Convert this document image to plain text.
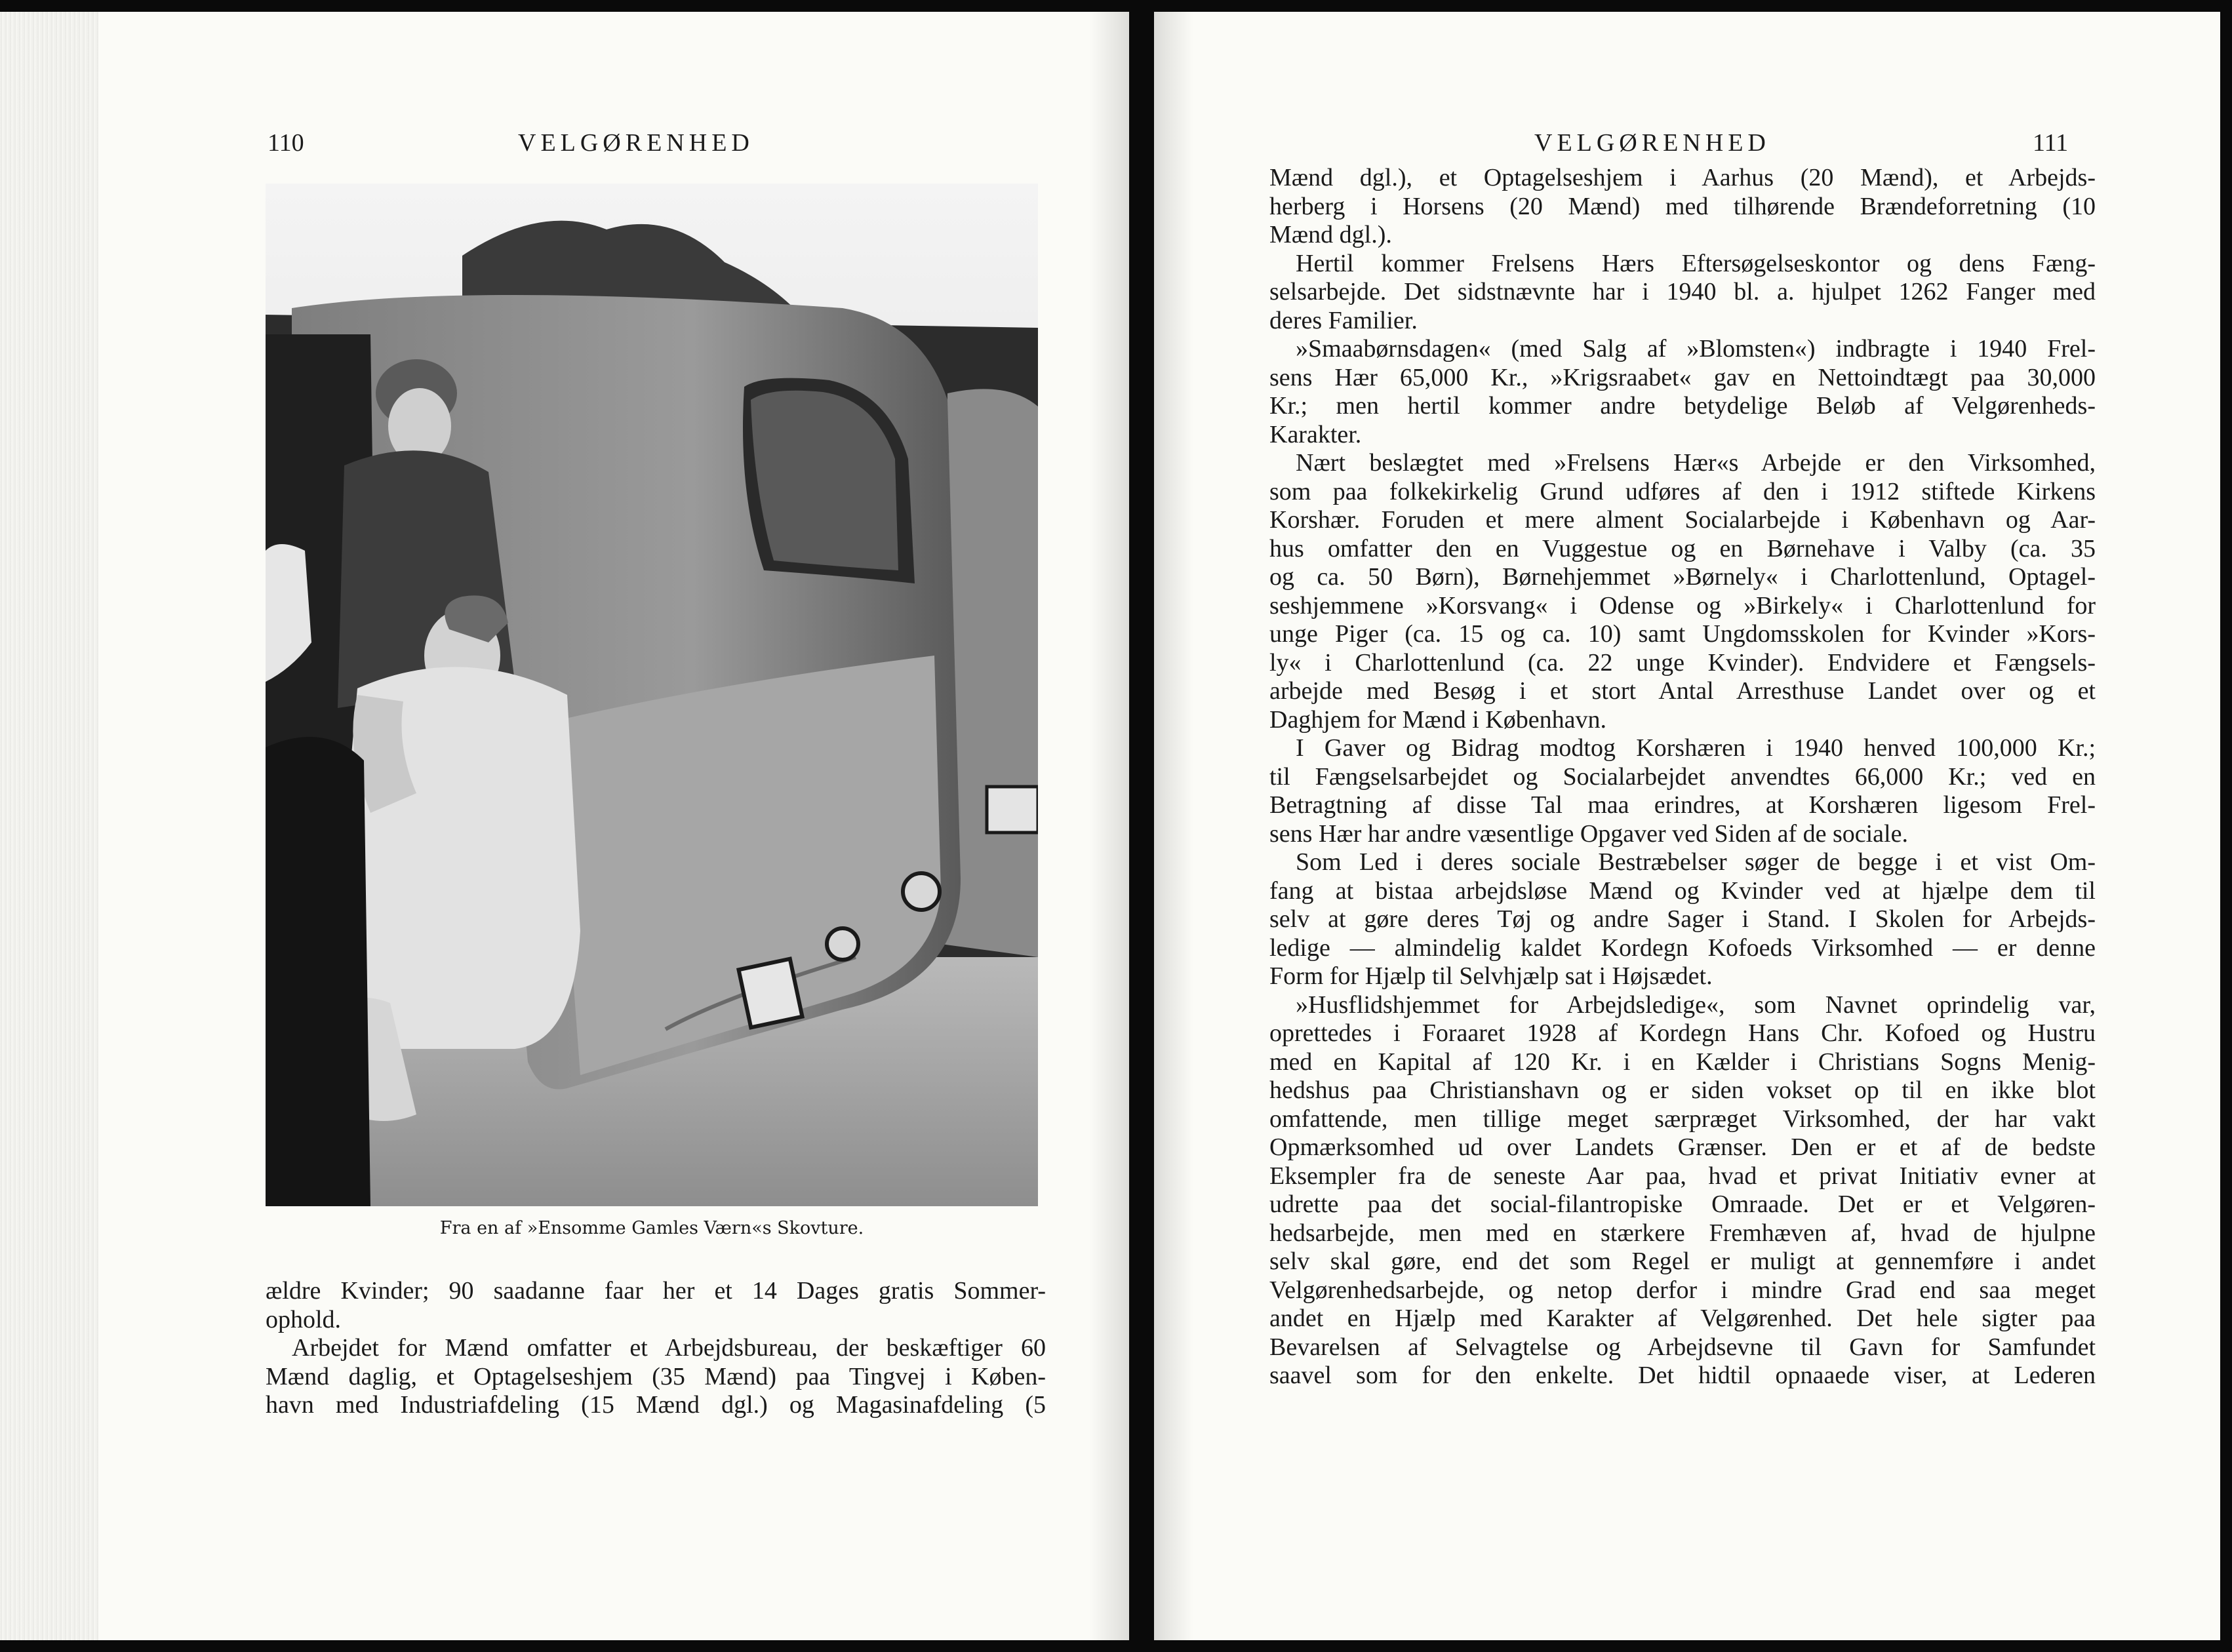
110	VELGØRENHED
Fra en af »Ensomme Gamles Værn«s Skovture.
ældre Kvinder; 90 saadanne faar her et 14 Dages gratis Sommer-
ophold.
Arbejdet for Mænd omfatter et Arbejdsbureau, der beskæftiger 60
Mænd daglig, et Optagelseshjem (35 Mænd) paa Tingvej i Køben-
havn med Industriafdeling (15 Mænd dgl.) og Magasinafdeling (5
VELGØRENHED	111
Mænd dgl.), et Optagelseshjem i Aarhus (20 Mænd), et Arbejds-
herberg i Horsens (20 Mænd) med tilhørende Brændeforretning (10
Mænd dgl.).
Hertil kommer Frelsens Hærs Eftersøgelseskontor og dens Fæng-
selsarbejde. Det sidstnævnte har i 1940 bl. a. hjulpet 1262 Fanger med
deres Familier.
»Smaabørnsdagen« (med Salg af »Blomsten«) indbragte i 1940 Frel-
sens Hær 65,000 Kr., »Krigsraabet« gav en Nettoindtægt paa 30,000
Kr.; men hertil kommer andre betydelige Beløb af Velgørenheds-
Karakter.
Nært beslægtet med »Frelsens Hær«s Arbejde er den Virksomhed,
som paa folkekirkelig Grund udføres af den i 1912 stiftede Kirkens
Korshær. Foruden et mere alment Socialarbejde i København og Aar-
hus omfatter den en Vuggestue og en Børnehave i Valby (ca. 35
og ca. 50 Børn), Børnehjemmet »Børnely« i Charlottenlund, Optagel-
seshjemmene »Korsvang« i Odense og »Birkely« i Charlottenlund for
unge Piger (ca. 15 og ca. 10) samt Ungdomsskolen for Kvinder »Kors-
ly« i Charlottenlund (ca. 22 unge Kvinder). Endvidere et Fængsels-
arbejde med Besøg i et stort Antal Arresthuse Landet over og et
Daghjem for Mænd i København.
I Gaver og Bidrag modtog Korshæren i 1940 henved 100,000 Kr.;
til Fængselsarbejdet og Socialarbejdet anvendtes 66,000 Kr.; ved en
Betragtning af disse Tal maa erindres, at Korshæren ligesom Frel-
sens Hær har andre væsentlige Opgaver ved Siden af de sociale.
Som Led i deres sociale Bestræbelser søger de begge i et vist Om-
fang at bistaa arbejdsløse Mænd og Kvinder ved at hjælpe dem til
selv at gøre deres Tøj og andre Sager i Stand. I Skolen for Arbejds-
ledige — almindelig kaldet Kordegn Kofoeds Virksomhed — er denne
Form for Hjælp til Selvhjælp sat i Højsædet.
»Husflidshjemmet for Arbejdsledige«, som Navnet oprindelig var,
oprettedes i Foraaret 1928 af Kordegn Hans Chr. Kofoed og Hustru
med en Kapital af 120 Kr. i en Kælder i Christians Sogns Menig-
hedshus paa Christianshavn og er siden vokset op til en ikke blot
omfattende, men tillige meget særpræget Virksomhed, der har vakt
Opmærksomhed ud over Landets Grænser. Den er et af de bedste
Eksempler fra de seneste Aar paa, hvad et privat Initiativ evner at
udrette paa det social-filantropiske Omraade. Det er et Velgøren-
hedsarbejde, men med en stærkere Fremhæven af, hvad de hjulpne
selv skal gøre, end det som Regel er muligt at gennemføre i andet
Velgørenhedsarbejde, og netop derfor i mindre Grad end saa meget
andet en Hjælp med Karakter af Velgørenhed. Det hele sigter paa
Bevarelsen af Selvagtelse og Arbejdsevne til Gavn for Samfundet
saavel som for den enkelte. Det hidtil opnaaede viser, at Lederen
